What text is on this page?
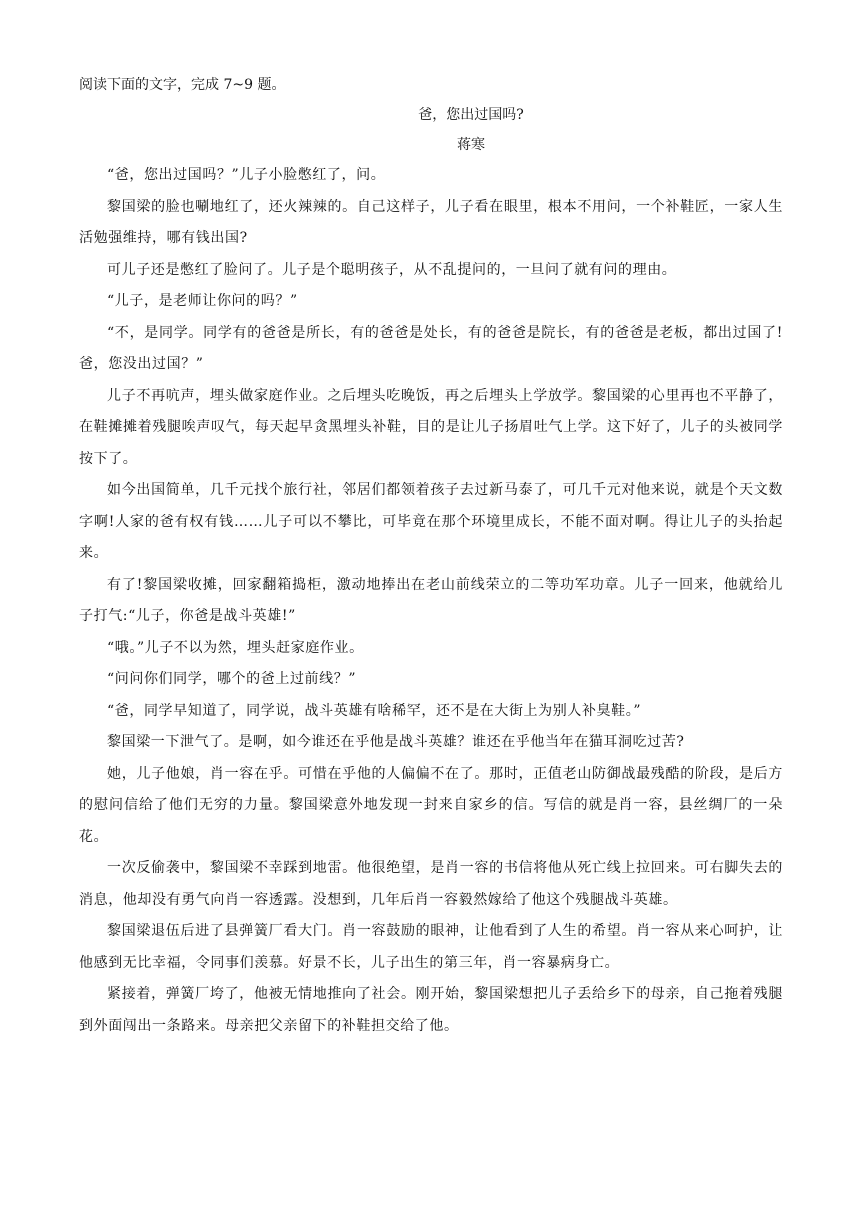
阅读下面的文字，完成 7~9 题。

爸，您出过国吗?

蒋寒

“爸，您出过国吗？”儿子小脸憋红了，问。

黎国梁的脸也唰地红了，还火辣辣的。自己这样子，儿子看在眼里，根本不用问，一个补鞋匠，一家人生活勉强维持，哪有钱出国?

可儿子还是憋红了脸问了。儿子是个聪明孩子，从不乱提问的，一旦问了就有问的理由。

“儿子，是老师让你问的吗？”

“不，是同学。同学有的爸爸是所长，有的爸爸是处长，有的爸爸是院长，有的爸爸是老板，都出过国了!爸，您没出过国？”

儿子不再吭声，埋头做家庭作业。之后埋头吃晚饭，再之后埋头上学放学。黎国梁的心里再也不平静了，在鞋摊摊着残腿唉声叹气，每天起早贪黑埋头补鞋，目的是让儿子扬眉吐气上学。这下好了，儿子的头被同学按下了。

如今出国简单，几千元找个旅行社，邻居们都领着孩子去过新马泰了，可几千元对他来说，就是个天文数字啊!人家的爸有权有钱……儿子可以不攀比，可毕竟在那个环境里成长，不能不面对啊。得让儿子的头抬起来。

有了!黎国梁收摊，回家翻箱捣柜，激动地捧出在老山前线荣立的二等功军功章。儿子一回来，他就给儿子打气:“儿子，你爸是战斗英雄!”

“哦。”儿子不以为然，埋头赶家庭作业。

“问问你们同学，哪个的爸上过前线？”

“爸，同学早知道了，同学说，战斗英雄有啥稀罕，还不是在大街上为别人补臭鞋。”

黎国梁一下泄气了。是啊，如今谁还在乎他是战斗英雄？谁还在乎他当年在猫耳洞吃过苦?

她，儿子他娘，肖一容在乎。可惜在乎他的人偏偏不在了。那时，正值老山防御战最残酷的阶段，是后方的慰问信给了他们无穷的力量。黎国梁意外地发现一封来自家乡的信。写信的就是肖一容，县丝绸厂的一朵花。

一次反偷袭中，黎国梁不幸踩到地雷。他很绝望，是肖一容的书信将他从死亡线上拉回来。可右脚失去的消息，他却没有勇气向肖一容透露。没想到，几年后肖一容毅然嫁给了他这个残腿战斗英雄。

黎国梁退伍后进了县弹簧厂看大门。肖一容鼓励的眼神，让他看到了人生的希望。肖一容从来心呵护，让他感到无比幸福，令同事们羡慕。好景不长，儿子出生的第三年，肖一容暴病身亡。

紧接着，弹簧厂垮了，他被无情地推向了社会。刚开始，黎国梁想把儿子丢给乡下的母亲，自己拖着残腿到外面闯出一条路来。母亲把父亲留下的补鞋担交给了他。
